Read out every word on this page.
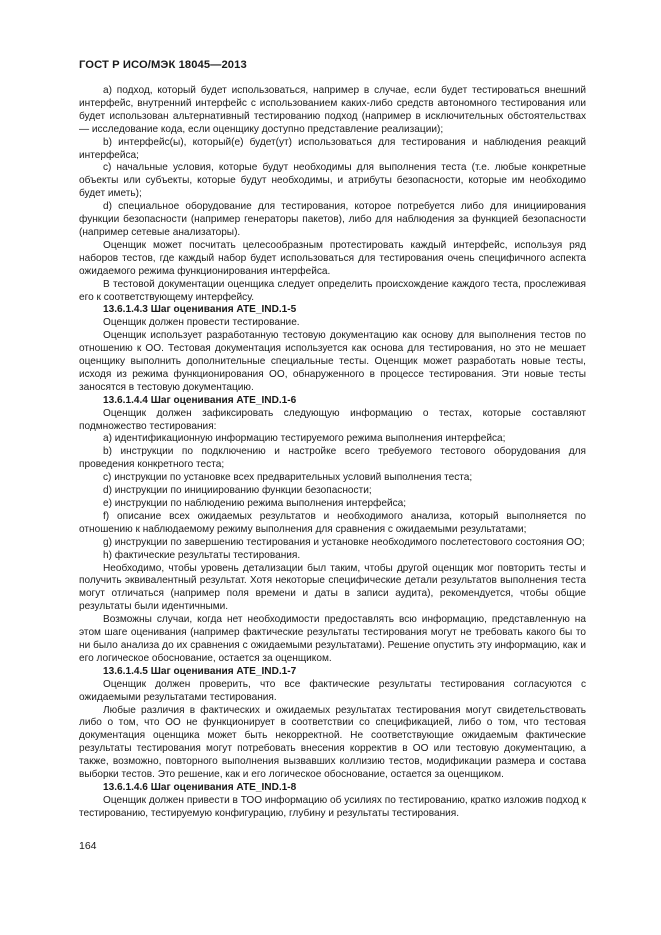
ГОСТ Р ИСО/МЭК 18045—2013

а) подход, который будет использоваться, например в случае, если будет тестироваться внешний интерфейс, внутренний интерфейс с использованием каких-либо средств автономного тестирования или будет использован альтернативный тестированию подход (например в исключительных обстоятельствах — исследование кода, если оценщику доступно представление реализации);

b) интерфейс(ы), который(е) будет(ут) использоваться для тестирования и наблюдения реакций интерфейса;

c) начальные условия, которые будут необходимы для выполнения теста (т.е. любые конкретные объекты или субъекты, которые будут необходимы, и атрибуты безопасности, которые им необходимо будет иметь);

d) специальное оборудование для тестирования, которое потребуется либо для инициирования функции безопасности (например генераторы пакетов), либо для наблюдения за функцией безопасности (например сетевые анализаторы).

Оценщик может посчитать целесообразным протестировать каждый интерфейс, используя ряд наборов тестов, где каждый набор будет использоваться для тестирования очень специфичного аспекта ожидаемого режима функционирования интерфейса.

В тестовой документации оценщика следует определить происхождение каждого теста, прослеживая его к соответствующему интерфейсу.

13.6.1.4.3 Шаг оценивания ATE_IND.1-5

Оценщик должен провести тестирование.

Оценщик использует разработанную тестовую документацию как основу для выполнения тестов по отношению к ОО. Тестовая документация используется как основа для тестирования, но это не мешает оценщику выполнить дополнительные специальные тесты. Оценщик может разработать новые тесты, исходя из режима функционирования ОО, обнаруженного в процессе тестирования. Эти новые тесты заносятся в тестовую документацию.

13.6.1.4.4 Шаг оценивания ATE_IND.1-6

Оценщик должен зафиксировать следующую информацию о тестах, которые составляют подмножество тестирования:

а) идентификационную информацию тестируемого режима выполнения интерфейса;

b) инструкции по подключению и настройке всего требуемого тестового оборудования для проведения конкретного теста;

c) инструкции по установке всех предварительных условий выполнения теста;

d) инструкции по инициированию функции безопасности;

e) инструкции по наблюдению режима выполнения интерфейса;

f) описание всех ожидаемых результатов и необходимого анализа, который выполняется по отношению к наблюдаемому режиму выполнения для сравнения с ожидаемыми результатами;

g) инструкции по завершению тестирования и установке необходимого послетестового состояния ОО;

h) фактические результаты тестирования.

Необходимо, чтобы уровень детализации был таким, чтобы другой оценщик мог повторить тесты и получить эквивалентный результат. Хотя некоторые специфические детали результатов выполнения теста могут отличаться (например поля времени и даты в записи аудита), рекомендуется, чтобы общие результаты были идентичными.

Возможны случаи, когда нет необходимости предоставлять всю информацию, представленную на этом шаге оценивания (например фактические результаты тестирования могут не требовать какого бы то ни было анализа до их сравнения с ожидаемыми результатами). Решение опустить эту информацию, как и его логическое обоснование, остается за оценщиком.

13.6.1.4.5 Шаг оценивания ATE_IND.1-7

Оценщик должен проверить, что все фактические результаты тестирования согласуются с ожидаемыми результатами тестирования.

Любые различия в фактических и ожидаемых результатах тестирования могут свидетельствовать либо о том, что ОО не функционирует в соответствии со спецификацией, либо о том, что тестовая документация оценщика может быть некорректной. Не соответствующие ожидаемым фактические результаты тестирования могут потребовать внесения корректив в ОО или тестовую документацию, а также, возможно, повторного выполнения вызвавших коллизию тестов, модификации размера и состава выборки тестов. Это решение, как и его логическое обоснование, остается за оценщиком.

13.6.1.4.6 Шаг оценивания ATE_IND.1-8

Оценщик должен привести в ТОО информацию об усилиях по тестированию, кратко изложив подход к тестированию, тестируемую конфигурацию, глубину и результаты тестирования.

164
